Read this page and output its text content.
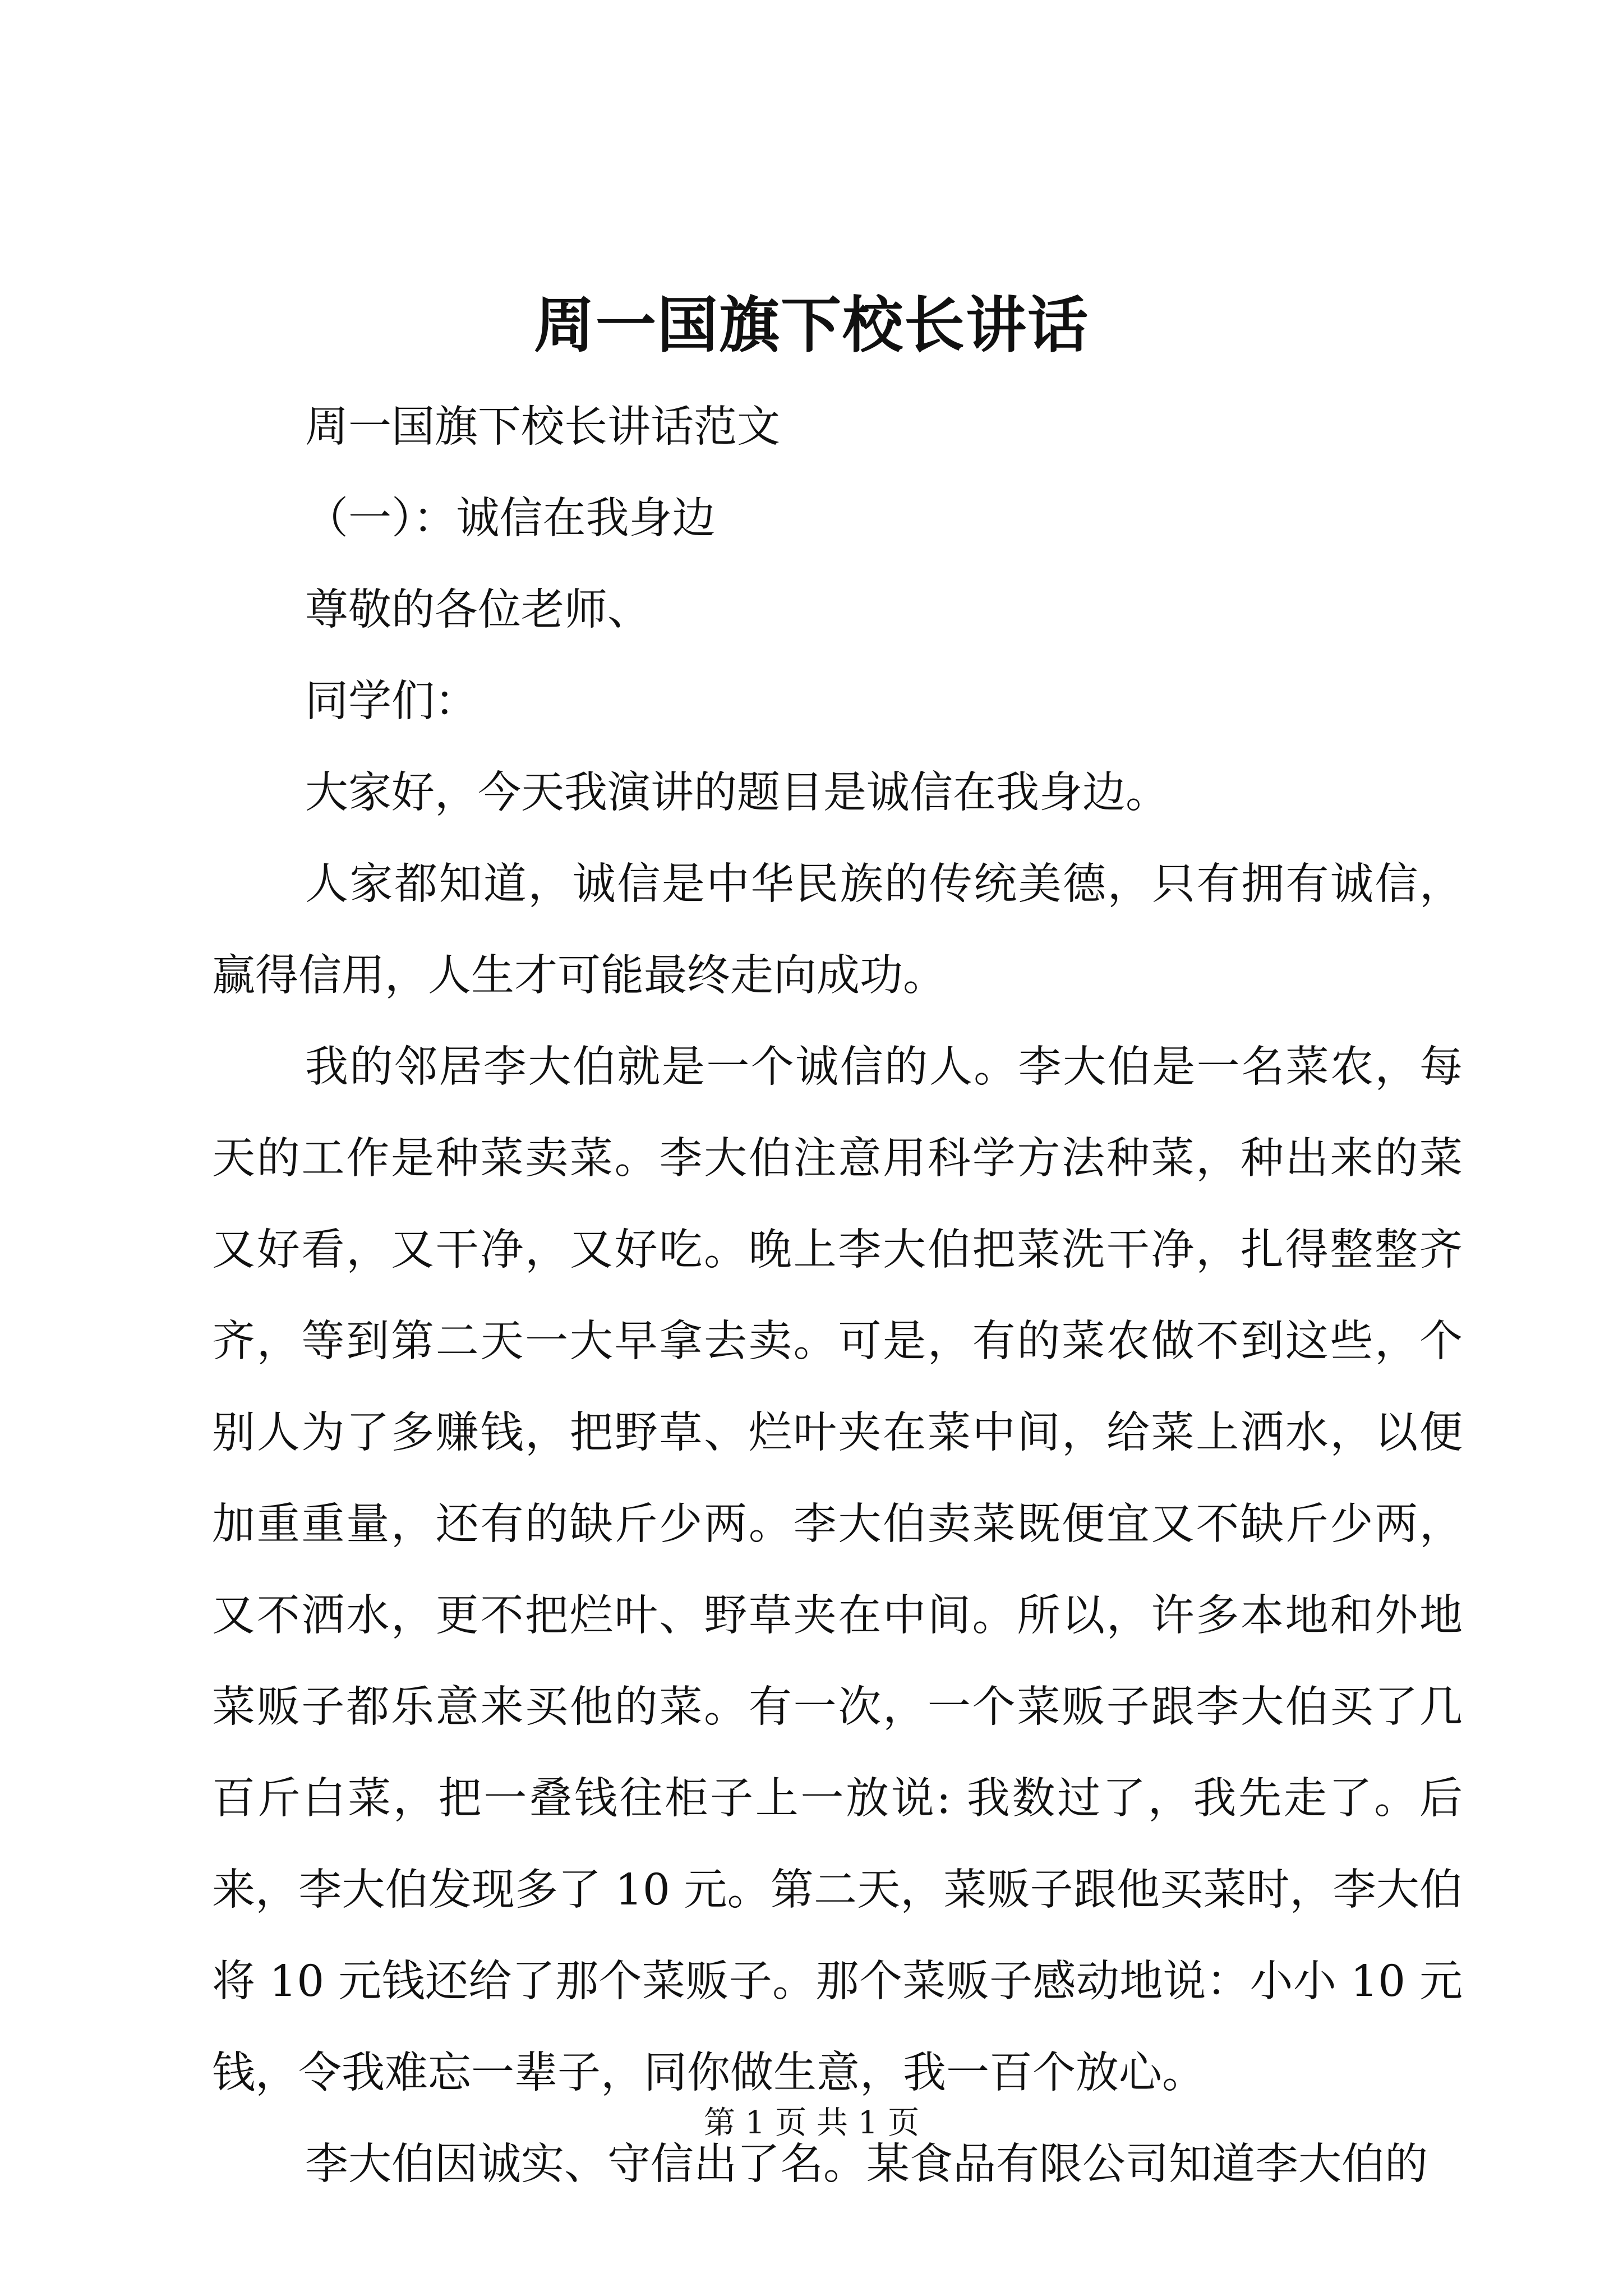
周一国旗下校长讲话

周一国旗下校长讲话范文

（一）：诚信在我身边

尊敬的各位老师、

同学们：

大家好，今天我演讲的题目是诚信在我身边。

人家都知道，诚信是中华民族的传统美德，只有拥有诚信，赢得信用，人生才可能最终走向成功。

我的邻居李大伯就是一个诚信的人。李大伯是一名菜农，每天的工作是种菜卖菜。李大伯注意用科学方法种菜，种出来的菜又好看，又干净，又好吃。晚上李大伯把菜洗干净，扎得整整齐齐，等到第二天一大早拿去卖。可是，有的菜农做不到这些，个别人为了多赚钱，把野草、烂叶夹在菜中间，给菜上洒水，以便加重重量，还有的缺斤少两。李大伯卖菜既便宜又不缺斤少两，又不洒水，更不把烂叶、野草夹在中间。所以，许多本地和外地菜贩子都乐意来买他的菜。有一次，一个菜贩子跟李大伯买了几百斤白菜，把一叠钱往柜子上一放说: 我数过了，我先走了。后来，李大伯发现多了 10 元。第二天，菜贩子跟他买菜时，李大伯将 10 元钱还给了那个菜贩子。那个菜贩子感动地说：小小 10 元钱，令我难忘一辈子，同你做生意，我一百个放心。

李大伯因诚实、守信出了名。某食品有限公司知道李大伯的

第 1 页 共 1 页
